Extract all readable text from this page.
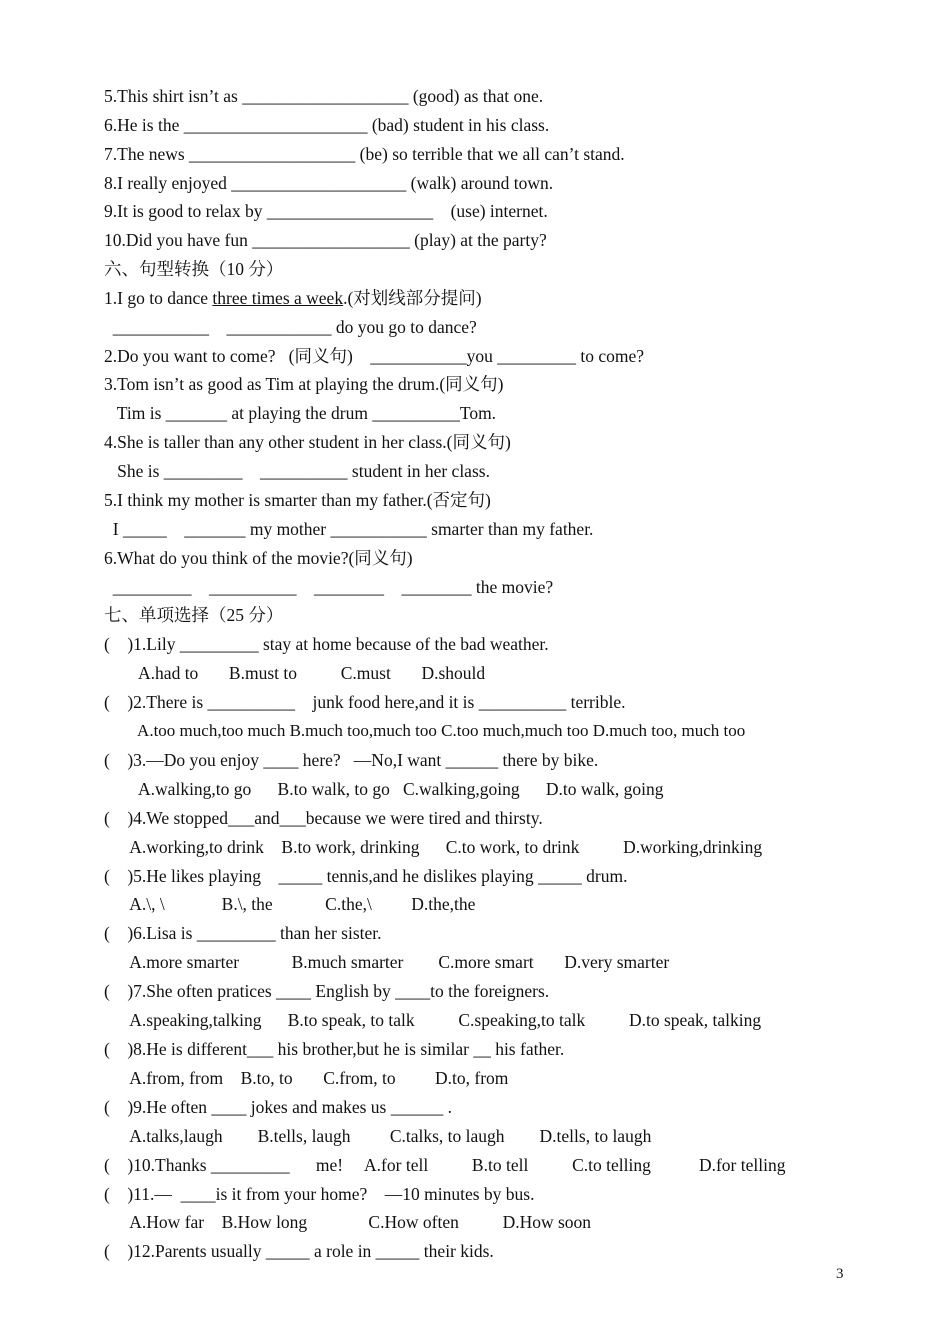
5.This shirt isn’t as ___________________ (good) as that one.
6.He is the _____________________ (bad) student in his class.
7.The news ___________________ (be) so terrible that we all can’t stand.
8.I really enjoyed ____________________ (walk) around town.
9.It is good to relax by ___________________    (use) internet.
10.Did you have fun __________________ (play) at the party?
六、句型转换（10 分）
1.I go to dance three times a week.(对划线部分提问)
___________    ____________ do you go to dance?
2.Do you want to come?   (同义句)    ___________you _________ to come?
3.Tom isn’t as good as Tim at playing the drum.(同义句)
Tim is _______ at playing the drum __________Tom.
4.She is taller than any other student in her class.(同义句)
She is _________    __________ student in her class.
5.I think my mother is smarter than my father.(否定句)
I _____    _______ my mother ___________ smarter than my father.
6.What do you think of the movie?(同义句)
_________    __________    ________    ________ the movie?
七、单项选择（25 分）
(    )1.Lily _________ stay at home because of the bad weather.
A.had to       B.must to          C.must       D.should
(    )2.There is __________    junk food here,and it is __________ terrible.
A.too much,too much B.much too,much too C.too much,much too D.much too, much too
(    )3.—Do you enjoy ____ here?   —No,I want ______ there by bike.
A.walking,to go      B.to walk, to go   C.walking,going      D.to walk, going
(    )4.We stopped___and___because we were tired and thirsty.
A.working,to drink    B.to work, drinking      C.to work, to drink          D.working,drinking
(    )5.He likes playing    _____ tennis,and he dislikes playing _____ drum.
A.\, \             B.\, the            C.the,\         D.the,the
(    )6.Lisa is _________ than her sister.
A.more smarter            B.much smarter        C.more smart       D.very smarter
(    )7.She often pratices ____ English by ____to the foreigners.
A.speaking,talking      B.to speak, to talk          C.speaking,to talk          D.to speak, talking
(    )8.He is different___ his brother,but he is similar __ his father.
A.from, from    B.to, to       C.from, to         D.to, from
(    )9.He often ____ jokes and makes us ______ .
A.talks,laugh        B.tells, laugh         C.talks, to laugh        D.tells, to laugh
(    )10.Thanks _________      me!     A.for tell          B.to tell          C.to telling           D.for telling
(    )11.—  ____is it from your home?    —10 minutes by bus.
A.How far    B.How long              C.How often          D.How soon
(    )12.Parents usually _____ a role in _____ their kids.
3
